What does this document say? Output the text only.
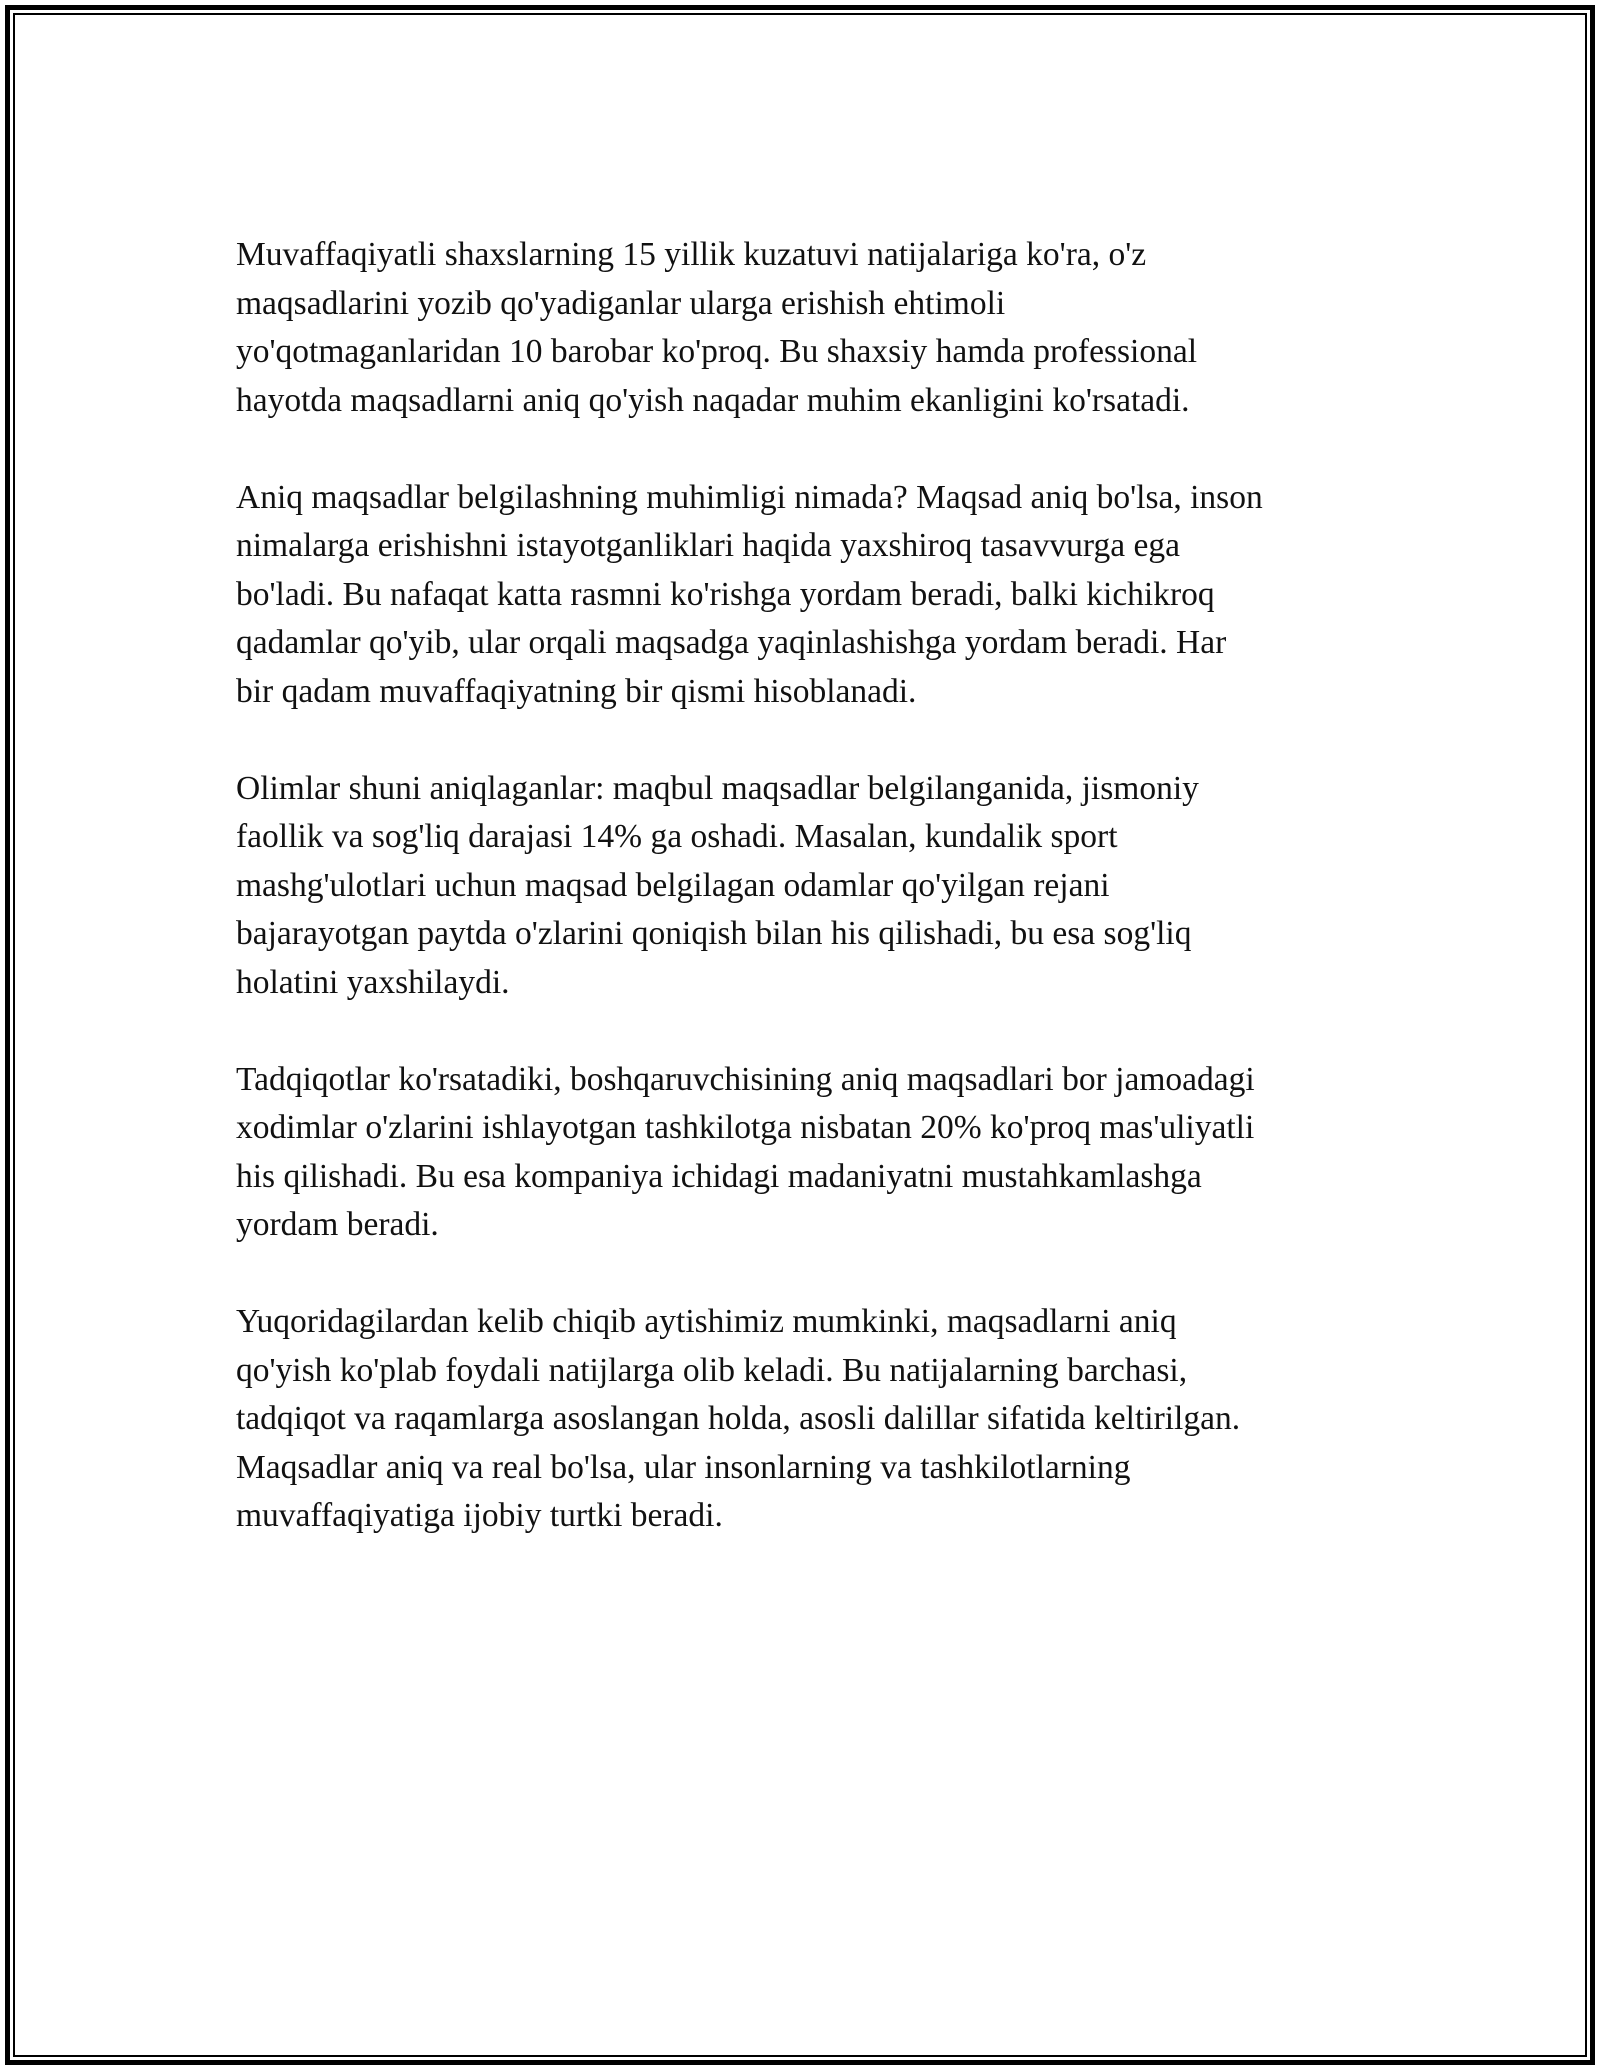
Muvaffaqiyatli shaxslarning 15 yillik kuzatuvi natijalariga ko'ra, o'z
maqsadlarini yozib qo'yadiganlar ularga erishish ehtimoli
yo'qotmaganlaridan 10 barobar ko'proq. Bu shaxsiy hamda professional
hayotda maqsadlarni aniq qo'yish naqadar muhim ekanligini ko'rsatadi.

Aniq maqsadlar belgilashning muhimligi nimada? Maqsad aniq bo'lsa, inson
nimalarga erishishni istayotganliklari haqida yaxshiroq tasavvurga ega
bo'ladi. Bu nafaqat katta rasmni ko'rishga yordam beradi, balki kichikroq
qadamlar qo'yib, ular orqali maqsadga yaqinlashishga yordam beradi. Har
bir qadam muvaffaqiyatning bir qismi hisoblanadi.

Olimlar shuni aniqlaganlar: maqbul maqsadlar belgilanganida, jismoniy
faollik va sog'liq darajasi 14% ga oshadi. Masalan, kundalik sport
mashg'ulotlari uchun maqsad belgilagan odamlar qo'yilgan rejani
bajarayotgan paytda o'zlarini qoniqish bilan his qilishadi, bu esa sog'liq
holatini yaxshilaydi.

Tadqiqotlar ko'rsatadiki, boshqaruvchisining aniq maqsadlari bor jamoadagi
xodimlar o'zlarini ishlayotgan tashkilotga nisbatan 20% ko'proq mas'uliyatli
his qilishadi. Bu esa kompaniya ichidagi madaniyatni mustahkamlashga
yordam beradi.

Yuqoridagilardan kelib chiqib aytishimiz mumkinki, maqsadlarni aniq
qo'yish ko'plab foydali natijlarga olib keladi. Bu natijalarning barchasi,
tadqiqot va raqamlarga asoslangan holda, asosli dalillar sifatida keltirilgan.
Maqsadlar aniq va real bo'lsa, ular insonlarning va tashkilotlarning
muvaffaqiyatiga ijobiy turtki beradi.
